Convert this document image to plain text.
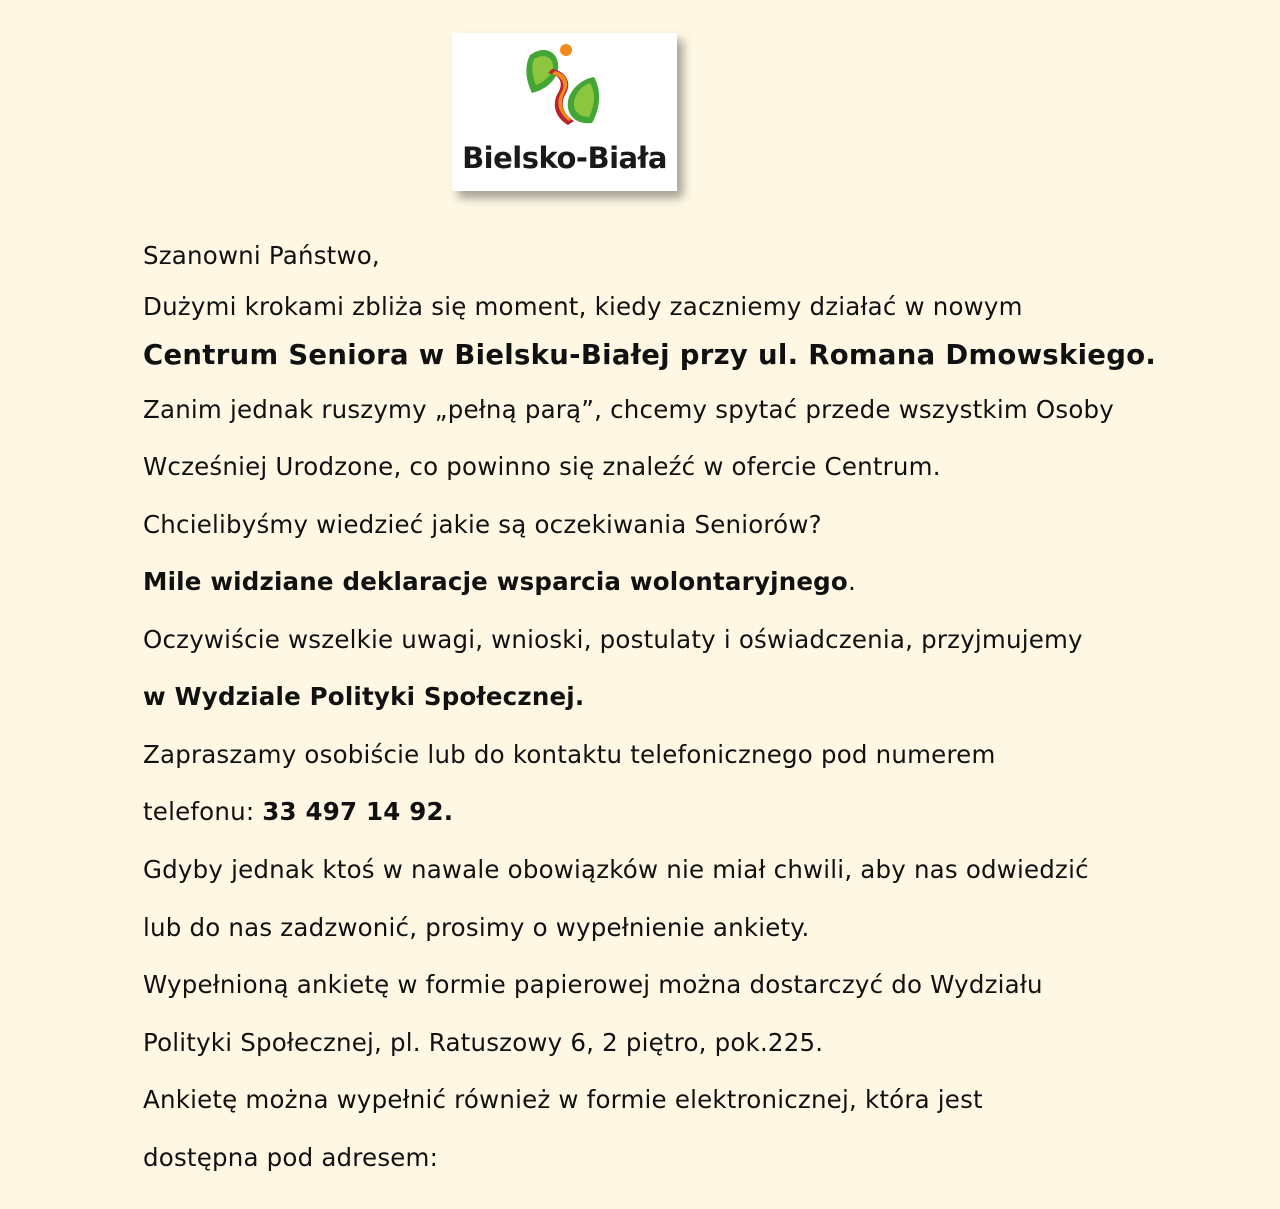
Bielsko-Biała
Szanowni Państwo,
Dużymi krokami zbliża się moment, kiedy zaczniemy działać w nowym
Centrum Seniora w Bielsku-Białej przy ul. Romana Dmowskiego.
Zanim jednak ruszymy „pełną parą”, chcemy spytać przede wszystkim Osoby
Wcześniej Urodzone, co powinno się znaleźć w ofercie Centrum.
Chcielibyśmy wiedzieć jakie są oczekiwania Seniorów?
Mile widziane deklaracje wsparcia wolontaryjnego.
Oczywiście wszelkie uwagi, wnioski, postulaty i oświadczenia, przyjmujemy
w Wydziale Polityki Społecznej.
Zapraszamy osobiście lub do kontaktu telefonicznego pod numerem
telefonu: 33 497 14 92.
Gdyby jednak ktoś w nawale obowiązków nie miał chwili, aby nas odwiedzić
lub do nas zadzwonić, prosimy o wypełnienie ankiety.
Wypełnioną ankietę w formie papierowej można dostarczyć do Wydziału
Polityki Społecznej, pl. Ratuszowy 6, 2 piętro, pok.225.
Ankietę można wypełnić również w formie elektronicznej, która jest
dostępna pod adresem:
